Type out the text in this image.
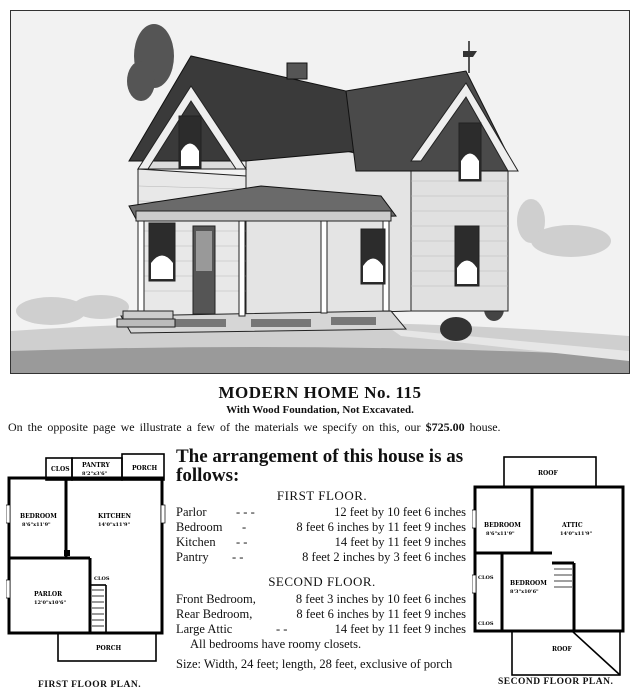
MODERN HOME No. 115
With Wood Foundation, Not Excavated.
On the opposite page we illustrate a few of the materials we specify on this, our $725.00 house.
The arrangement of this house is as follows:
FIRST FLOOR.
Parlor - - -	12 feet by 10 feet 6 inches
Bedroom -	8 feet 6 inches by 11 feet 9 inches
Kitchen - -	14 feet by 11 feet 9 inches
Pantry - -	8 feet 2 inches by 3 feet 6 inches
SECOND FLOOR.
Front Bedroom,	8 feet 3 inches by 10 feet 6 inches
Rear Bedroom,	8 feet 6 inches by 11 feet 9 inches
Large Attic	- -	14 feet by 11 feet 9 inches
All bedrooms have roomy closets.
Size: Width, 24 feet; length, 28 feet, exclusive of porch
CLOS
PANTRY
8'2"x3'6"
PORCH
BEDROOM
8'6"x11'9"
KITCHEN
14'0"x11'9"
PARLOR
12'0"x10'6"
CLOS
PORCH
FIRST FLOOR PLAN.
ROOF
BEDROOM
8'6"x11'9"
ATTIC
14'0"x11'9"
CLOS
CLOS
BEDROOM
8'3"x10'6"
ROOF
SECOND FLOOR PLAN.
